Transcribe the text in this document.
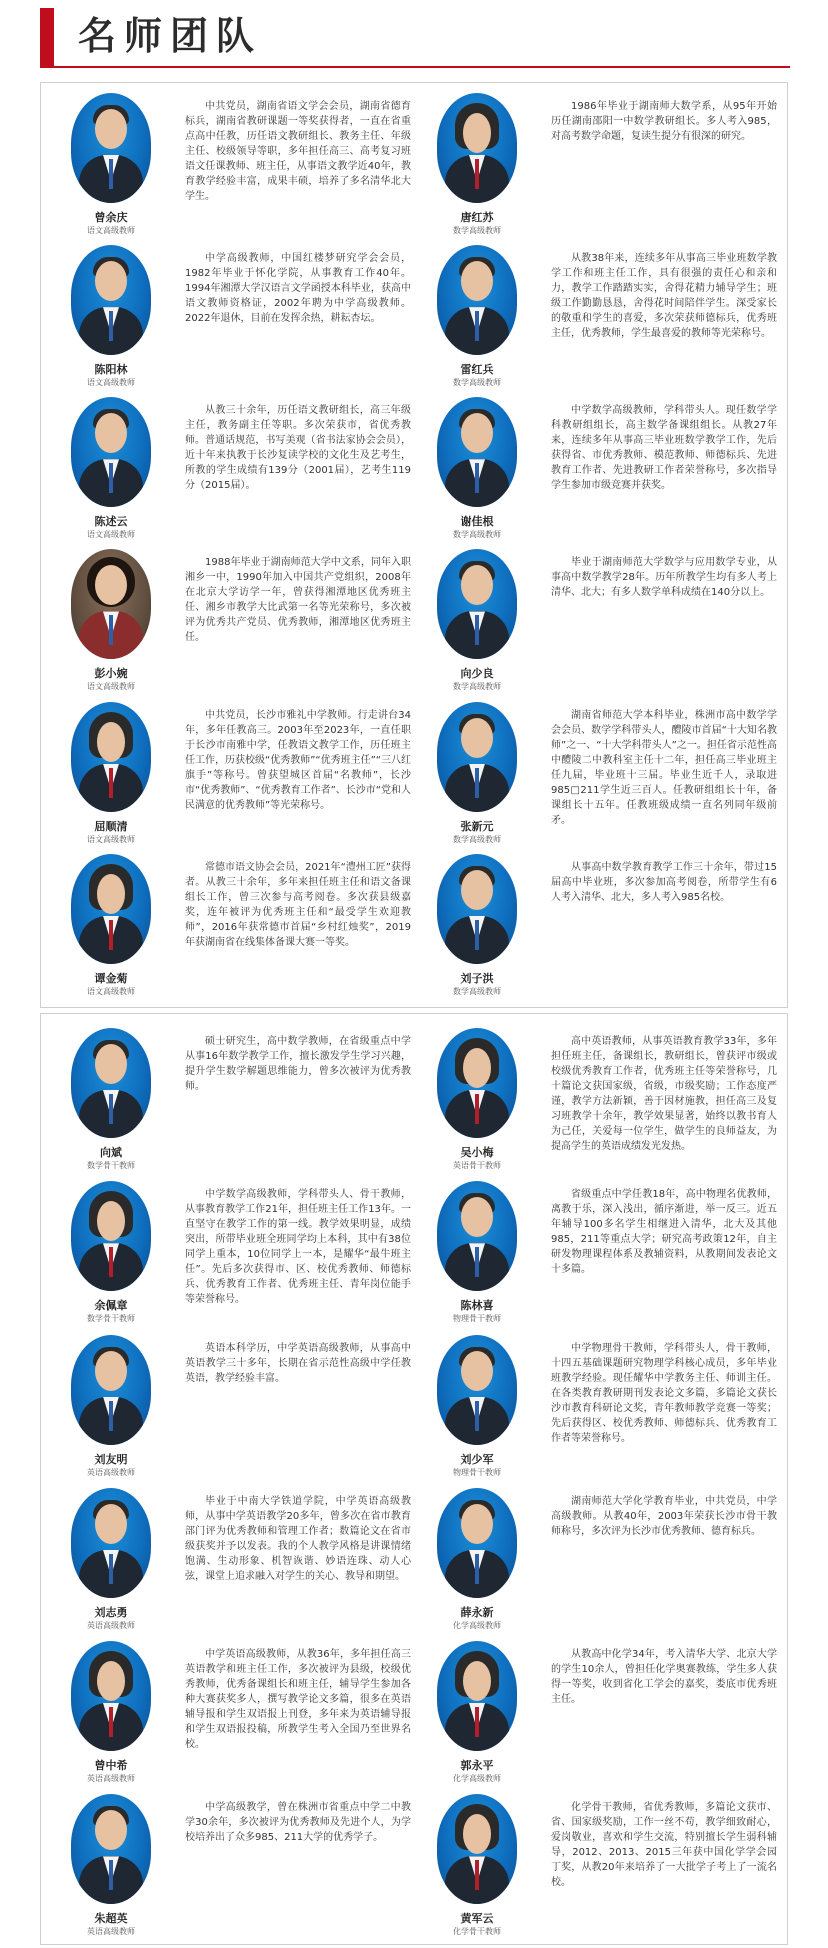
名师团队
曾余庆
语文高级教师
中共党员，湖南省语文学会会员，湖南省德育标兵，湖南省教研课题一等奖获得者，一直在省重点高中任教，历任语文教研组长、教务主任、年级主任、校级领导等职，多年担任高三、高考复习班语文任课教师、班主任，从事语文教学近40年，教育教学经验丰富，成果丰硕，培养了多名清华北大学生。
陈阳林
语文高级教师
中学高级教师，中国红楼梦研究学会会员，1982年毕业于怀化学院，从事教育工作40年。1994年湘潭大学汉语言文学函授本科毕业，获高中语文教师资格证，2002年聘为中学高级教师。2022年退休，目前在发挥余热，耕耘杏坛。
陈述云
语文高级教师
从教三十余年，历任语文教研组长，高三年级主任，教务副主任等职。多次荣获市，省优秀教师。普通话规范，书写美观（省书法家协会会员），近十年来执教于长沙复读学校的文化生及艺考生，所教的学生成绩有139分（2001届），艺考生119分（2015届）。
彭小婉
语文高级教师
1988年毕业于湖南师范大学中文系，同年入职湘乡一中，1990年加入中国共产党组织，2008年在北京大学访学一年，曾获得湘潭地区优秀班主任、湘乡市教学大比武第一名等光荣称号，多次被评为优秀共产党员、优秀教师，湘潭地区优秀班主任。
屈顺清
语文高级教师
中共党员，长沙市雅礼中学教师。行走讲台34年，多年任教高三。2003年至2023年，一直任职于长沙市南雅中学，任教语文教学工作，历任班主任工作，历获校级“优秀教师”“优秀班主任”“三八红旗手”等称号。曾获望城区首届“名教师”，长沙市“优秀教师”、“优秀教育工作者”、长沙市“党和人民满意的优秀教师”等光荣称号。
谭金菊
语文高级教师
常德市语文协会会员，2021年“澧州工匠”获得者。从教三十余年，多年来担任班主任和语文备课组长工作，曾三次参与高考阅卷。多次获县级嘉奖，连年被评为优秀班主任和“最受学生欢迎教师”，2016年获常德市首届“乡村红烛奖”，2019年获湖南省在线集体备课大赛一等奖。
唐红苏
数学高级教师
1986年毕业于湖南师大数学系，从95年开始历任湖南邵阳一中数学教研组长。多人考入985，对高考数学命题，复读生提分有很深的研究。
雷红兵
数学高级教师
从教38年来，连续多年从事高三毕业班数学教学工作和班主任工作，具有很强的责任心和亲和力，教学工作踏踏实实，舍得花精力辅导学生；班级工作勤勤恳恳，舍得花时间陪伴学生。深受家长的敬重和学生的喜爱，多次荣获师德标兵，优秀班主任，优秀教师，学生最喜爱的教师等光荣称号。
谢佳根
数学高级教师
中学数学高级教师，学科带头人。现任数学学科教研组组长，高主数学备课组组长。从教27年来，连续多年从事高三毕业班数学教学工作，先后获得省、市优秀教师、模范教师、师德标兵、先进教育工作者、先进教研工作者荣誉称号，多次指导学生参加市级竞赛并获奖。
向少良
数学高级教师
毕业于湖南师范大学数学与应用数学专业，从事高中数学教学28年。历年所教学生均有多人考上清华、北大；有多人数学单科成绩在140分以上。
张新元
数学高级教师
湖南省师范大学本科毕业，株洲市高中数学学会会员、数学学科带头人，醴陵市首届“十大知名教师”之一、“十大学科带头人”之一。担任省示范性高中醴陵二中教科室主任十二年，担任高三毕业班主任九届，毕业班十三届。毕业生近千人，录取进985□211学生近三百人。任教研组组长十年，备课组长十五年。任教班级成绩一直名列同年级前矛。
刘子洪
数学高级教师
从事高中数学教育教学工作三十余年，带过15届高中毕业班，多次参加高考阅卷，所带学生有6人考入清华、北大，多人考入985名校。
向斌
数学骨干教师
硕士研究生，高中数学教师，在省级重点中学从事16年数学教学工作，擅长激发学生学习兴趣，提升学生数学解题思维能力，曾多次被评为优秀教师。
余佩章
数学骨干教师
中学数学高级教师，学科带头人、骨干教师，从事教育教学工作21年，担任班主任工作13年。一直坚守在教学工作的第一线。教学效果明显，成绩突出，所带毕业班全班同学均上本科，其中有38位同学上重本，10位同学上一本，是耀华“最牛班主任”。先后多次获得市、区、校优秀教师、师德标兵、优秀教育工作者、优秀班主任、青年岗位能手等荣誉称号。
刘友明
英语高级教师
英语本科学历，中学英语高级教师，从事高中英语教学三十多年，长期在省示范性高级中学任教英语，教学经验丰富。
刘志勇
英语高级教师
毕业于中南大学铁道学院，中学英语高级教师，从事中学英语教学20多年，曾多次在省市教育部门评为优秀教师和管理工作者；数篇论文在省市级获奖并予以发表。我的个人教学风格是讲课情绪饱满、生动形象、机智诙谐、妙语连珠、动人心弦，课堂上追求融入对学生的关心、教导和期望。
曾中希
英语高级教师
中学英语高级教师，从教36年，多年担任高三英语教学和班主任工作，多次被评为县级，校级优秀教师，优秀备课组长和班主任，辅导学生参加各种大赛获奖多人，撰写教学论文多篇，很多在英语辅导报和学生双语报上刊登，多年来为英语辅导报和学生双语报投稿，所教学生考入全国乃至世界名校。
朱超英
英语高级教师
中学高级教学，曾在株洲市省重点中学二中教学30余年，多次被评为优秀教师及先进个人，为学校培养出了众多985、211大学的优秀学子。
吴小梅
英语骨干教师
高中英语教师，从事英语教育教学33年，多年担任班主任，备课组长，教研组长，曾获评市级或校级优秀教育工作者，优秀班主任等荣誉称号，几十篇论文获国家级，省级，市级奖励；工作态度严谨，教学方法新颖，善于因材施教，担任高三及复习班教学十余年，教学效果显著，始终以教书育人为己任，关爱每一位学生，做学生的良师益友，为提高学生的英语成绩发光发热。
陈林喜
物理骨干教师
省级重点中学任教18年，高中物理名优教师，离教于乐，深入浅出，循序渐进，举一反三。近五年辅导100多名学生相继进入清华，北大及其他985，211等重点大学；研究高考政策12年，自主研发物理课程体系及教辅资料，从教期间发表论文十多篇。
刘少军
物理骨干教师
中学物理骨干教师，学科带头人，骨干教师，十四五基础课题研究物理学科核心成员，多年毕业班教学经验。现任耀华中学教务主任、师训主任。在各类教育教研期刊发表论文多篇，多篇论文获长沙市教育科研论文奖，青年教师教学竞赛一等奖；先后获得区、校优秀教师、师德标兵、优秀教育工作者等荣誉称号。
薛永新
化学高级教师
湖南师范大学化学教育毕业，中共党员，中学高级教师。从教40年，2003年荣获长沙市骨干教师称号，多次评为长沙市优秀教师、德育标兵。
郭永平
化学高级教师
从教高中化学34年，考入清华大学、北京大学的学生10余人，曾担任化学奥赛教练，学生多人获得一等奖，收到省化工学会的嘉奖，娄底市优秀班主任。
黄军云
化学骨干教师
化学骨干教师，省优秀教师，多篇论文获市、省、国家级奖励，工作一丝不苟，教学细致耐心，爱岗敬业，喜欢和学生交流，特别擅长学生弱科辅导，2012、2013、2015三年获中国化学学会园丁奖，从教20年来培养了一大批学子考上了一流名校。
